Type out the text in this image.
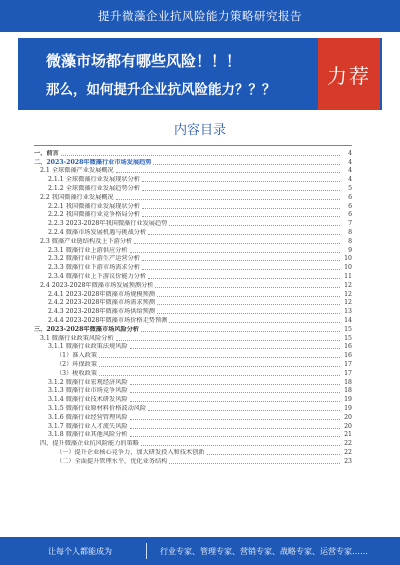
提升微藻企业抗风险能力策略研究报告
微藻市场都有哪些风险！！！
那么，如何提升企业抗风险能力？？？
力荐
内容目录
一、前言	4
二、2023-2028年微藻行业市场发展趋势	4
2.1 全球微藻产业发展概况	4
2.1.1 全球微藻行业发展现状分析	4
2.1.2 全球微藻行业发展趋势分析	5
2.2 我国微藻行业发展概况	6
2.2.1 我国微藻行业发展现状分析	6
2.2.2 我国微藻行业竞争格局分析	6
2.2.3 2023-2028年我国微藻行业发展趋势	7
2.2.4 微藻市场发展机遇与挑战分析	8
2.3 微藻产业链结构及上下游分析	8
2.3.1 微藻行业上游供应分析	9
2.3.2 微藻行业中游生产运营分析	10
2.3.3 微藻行业下游市场需求分析	10
2.3.4 微藻行业上下游议价能力分析	11
2.4 2023-2028年微藻市场发展预测分析	12
2.4.1 2023-2028年微藻市场规模预测	12
2.4.2 2023-2028年微藻市场需求预测	12
2.4.3 2023-2028年微藻市场供给预测	13
2.4.4 2023-2028年微藻市场价格走势预测	14
三、2023-2028年微藻市场风险分析	15
3.1 微藻行业政策风险分析	15
3.1.1 微藻行业政策法规风险	16
（1）准入政策	16
（2）环保政策	17
（3）税收政策	17
3.1.2 微藻行业宏观经济风险	18
3.1.3 微藻行业市场竞争风险	18
3.1.4 微藻行业技术研发风险	19
3.1.5 微藻行业原材料价格波动风险	19
3.1.6 微藻行业经营管理风险	20
3.1.7 微藻行业人才流失风险	20
3.1.8 微藻行业其他风险分析	21
四、提升微藻企业抗风险能力的策略	22
（一）提升企业核心竞争力，加大研发投入和技术创新	22
（二）全面提升管理水平，优化业务结构	23
让每个人都能成为	行业专家、管理专家、营销专家、战略专家、运营专家……
